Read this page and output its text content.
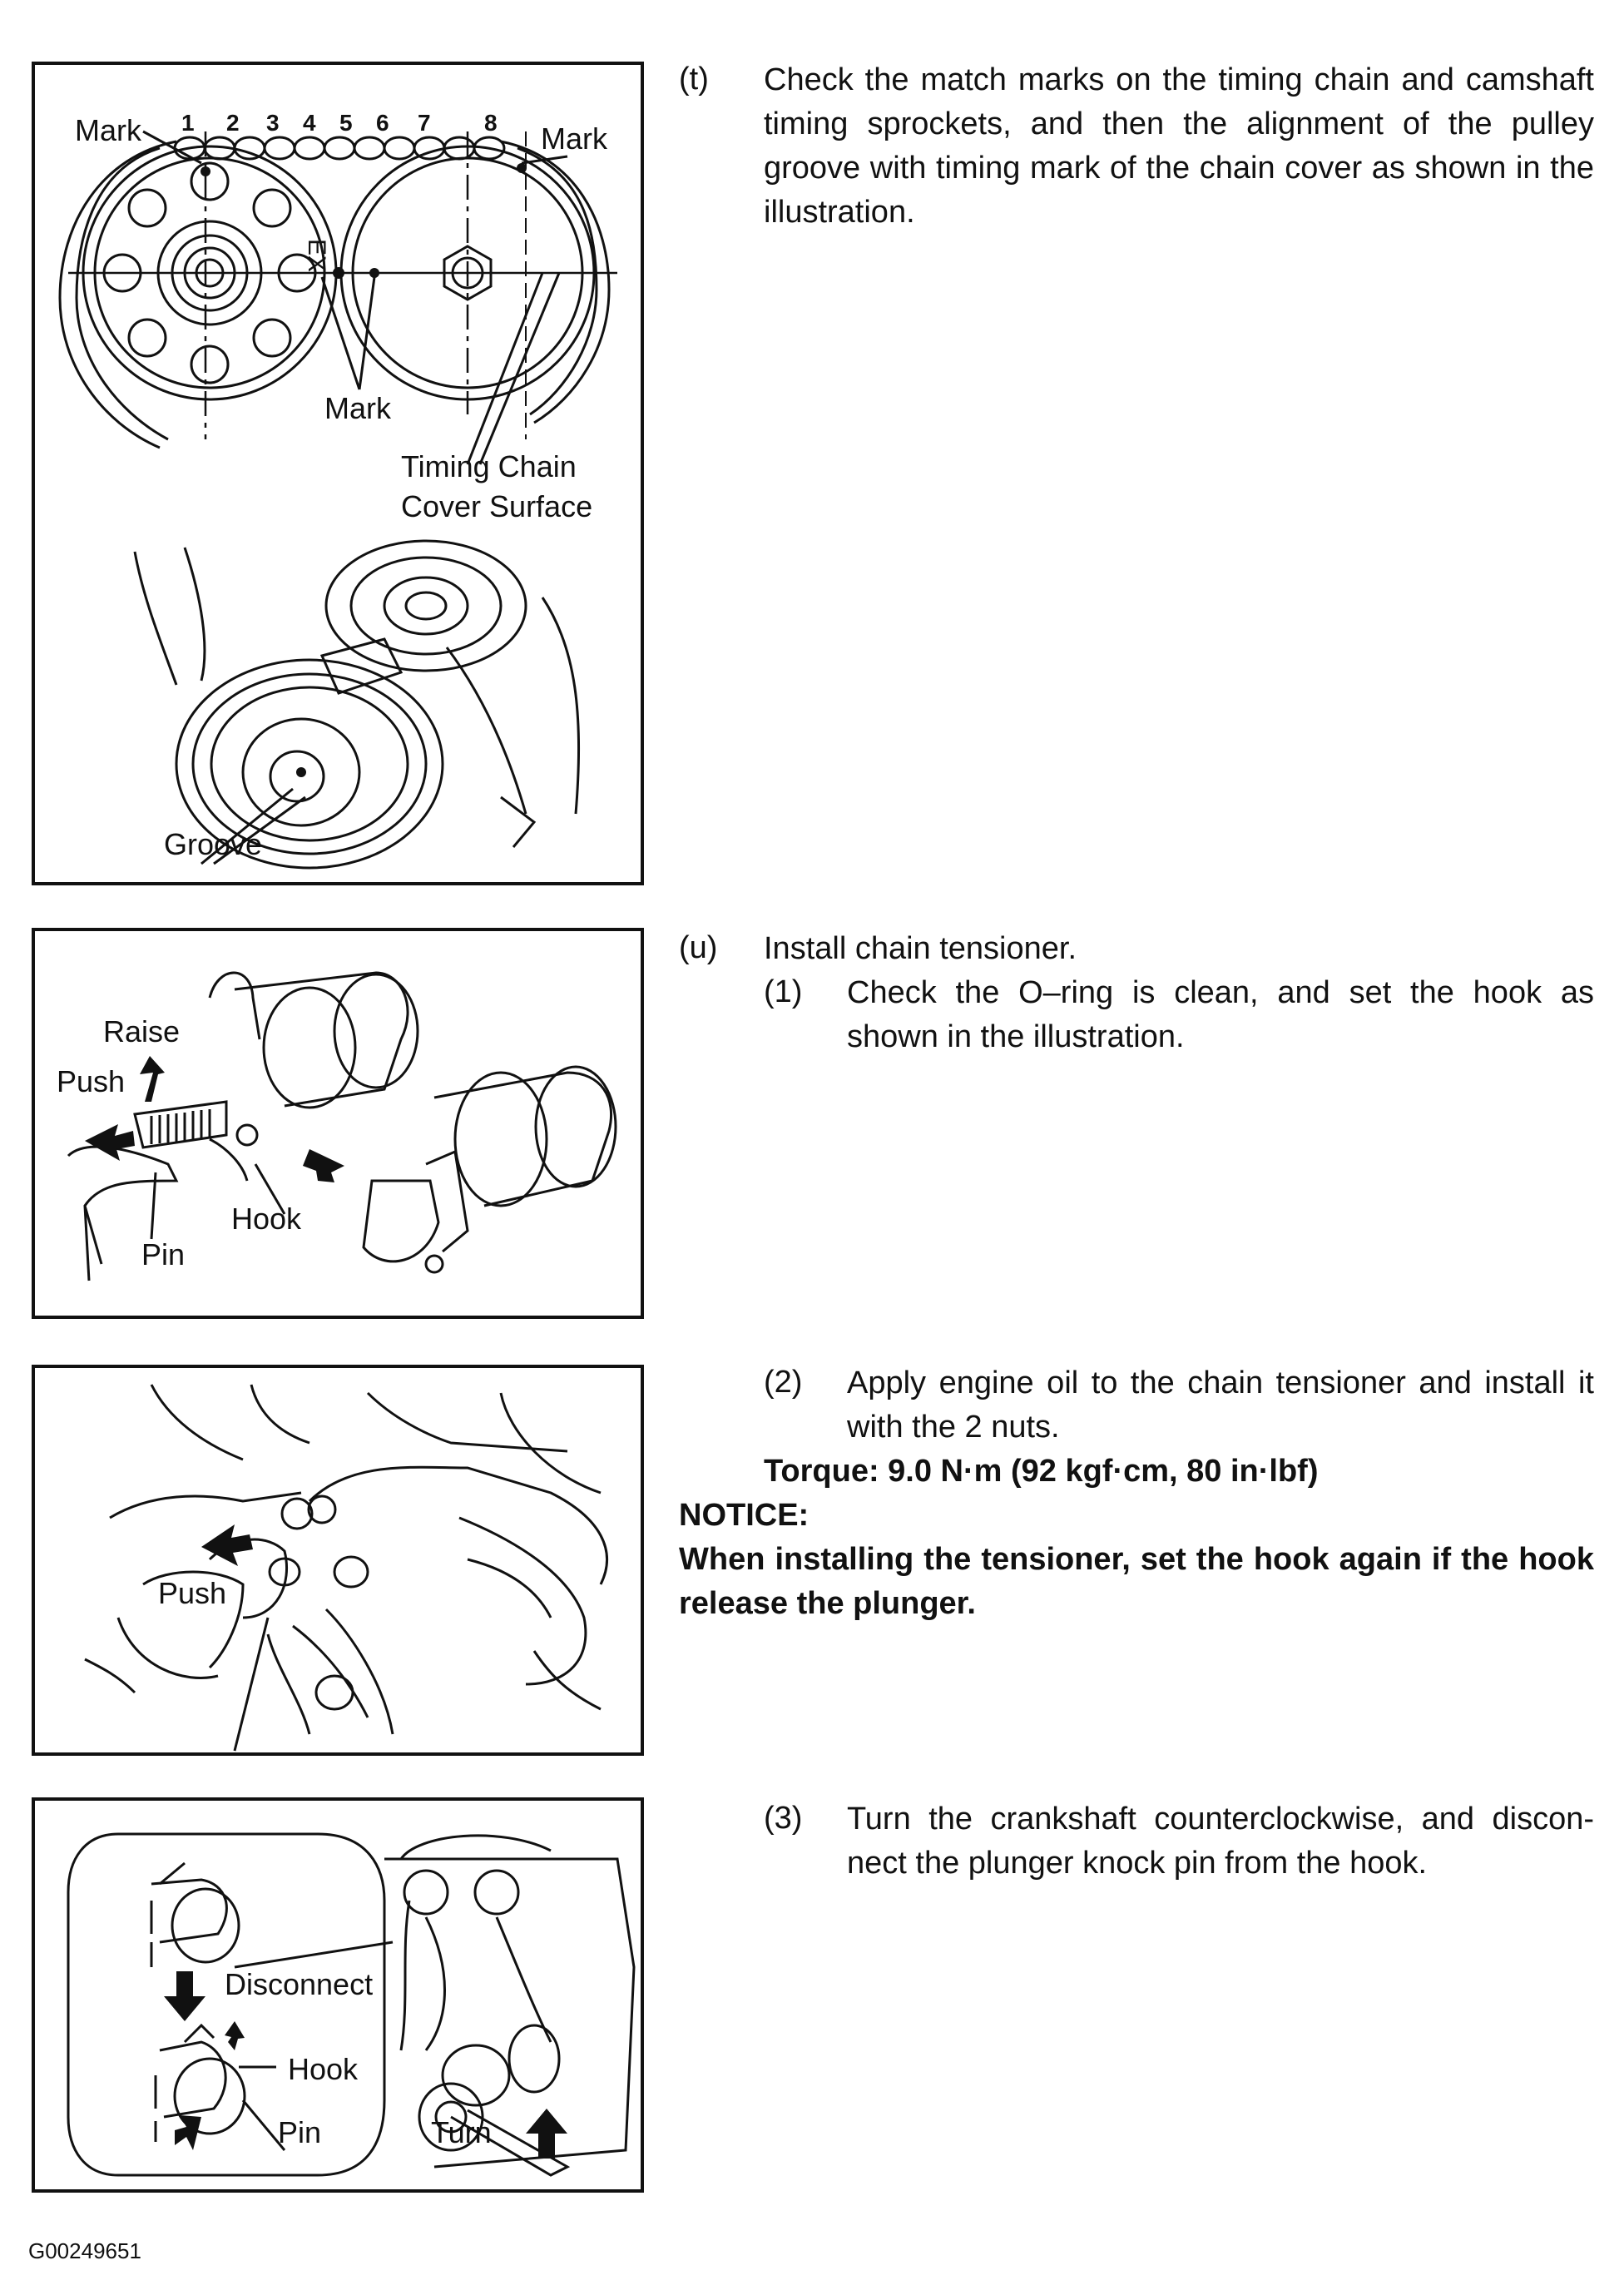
Mark	Mark
Mark
Timing Chain
Cover Surface
Groove
EX
1 2 3 4 5 6 7 8
Raise
Push
Hook
Pin
Push
Disconnect
Hook
Pin	Turn
(t) Check the match marks on the timing chain and camshaft timing sprockets, and then the alignment of the pulley groove with timing mark of the chain cover as shown in the illustration.
(u) Install chain tensioner.
(1) Check the O–ring is clean, and set the hook as shown in the illustration.
(2) Apply engine oil to the chain tensioner and install it with the 2 nuts.
Torque: 9.0 N·m (92 kgf·cm, 80 in·lbf)
NOTICE:
When installing the tensioner, set the hook again if the hook release the plunger.
(3) Turn the crankshaft counterclockwise, and discon- nect the plunger knock pin from the hook.
G00249651
